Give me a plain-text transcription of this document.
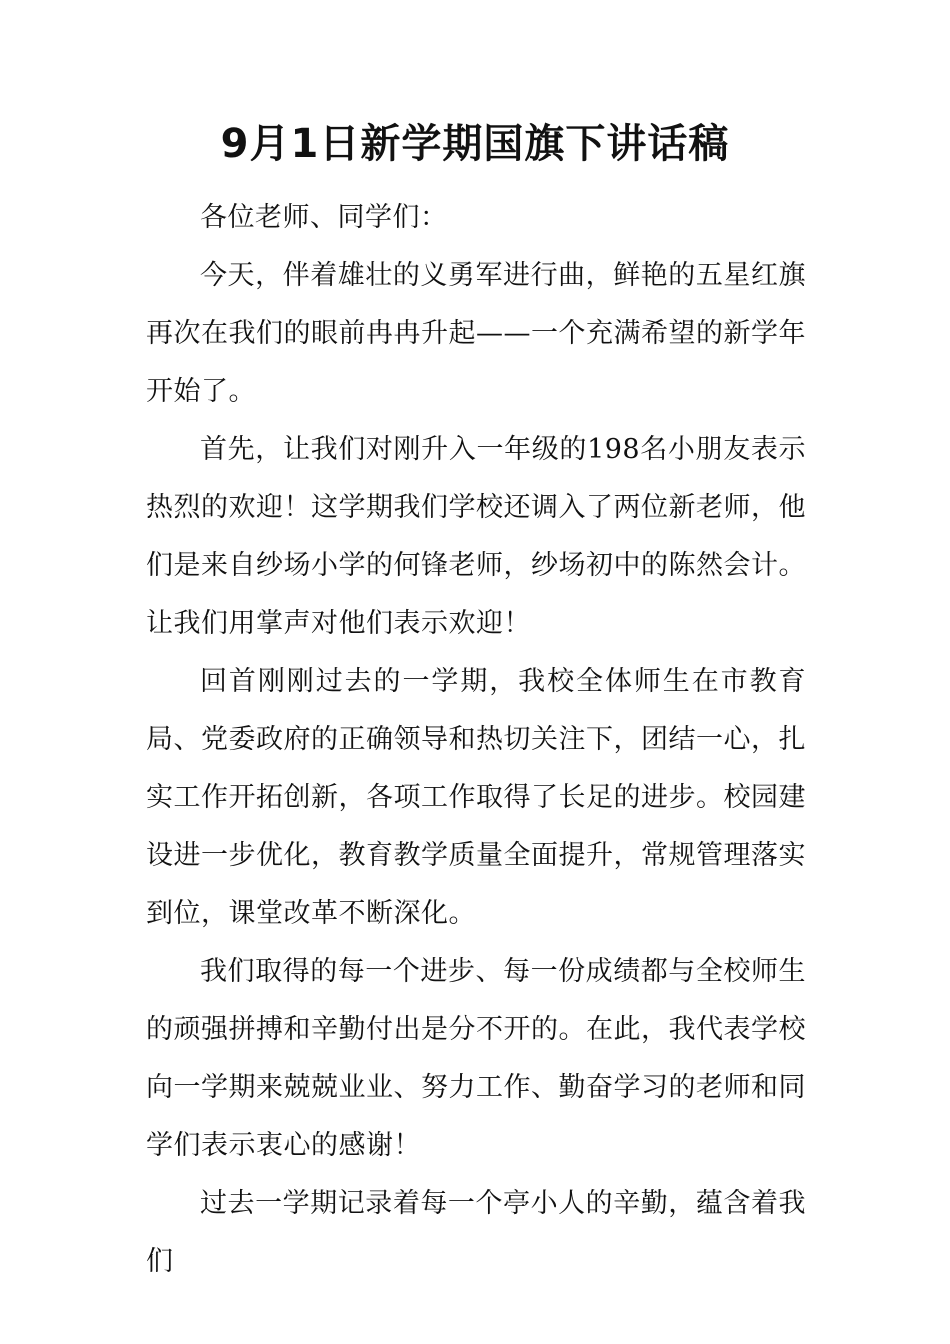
9月1日新学期国旗下讲话稿

各位老师、同学们：

今天，伴着雄壮的义勇军进行曲，鲜艳的五星红旗再次在我们的眼前冉冉升起——一个充满希望的新学年开始了。

首先，让我们对刚升入一年级的198名小朋友表示热烈的欢迎！这学期我们学校还调入了两位新老师，他们是来自纱场小学的何锋老师，纱场初中的陈然会计。让我们用掌声对他们表示欢迎！

回首刚刚过去的一学期，我校全体师生在市教育局、党委政府的正确领导和热切关注下，团结一心，扎实工作开拓创新，各项工作取得了长足的进步。校园建设进一步优化，教育教学质量全面提升，常规管理落实到位，课堂改革不断深化。

我们取得的每一个进步、每一份成绩都与全校师生的顽强拼搏和辛勤付出是分不开的。在此，我代表学校向一学期来兢兢业业、努力工作、勤奋学习的老师和同学们表示衷心的感谢！

过去一学期记录着每一个亭小人的辛勤，蕴含着我们
